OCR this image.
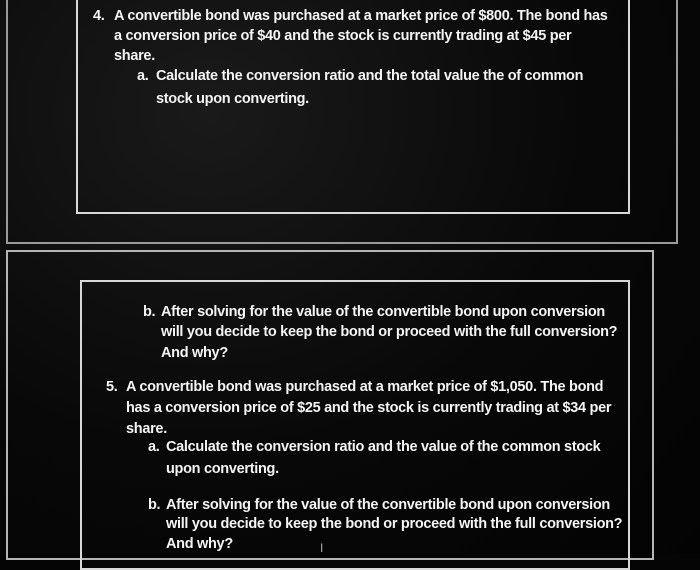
4. A convertible bond was purchased at a market price of $800. The bond has
a conversion price of $40 and the stock is currently trading at $45 per
share.
a. Calculate the conversion ratio and the total value the of common
stock upon converting.
b. After solving for the value of the convertible bond upon conversion
will you decide to keep the bond or proceed with the full conversion?
And why?
5. A convertible bond was purchased at a market price of $1,050. The bond
has a conversion price of $25 and the stock is currently trading at $34 per
share.
a. Calculate the conversion ratio and the value of the common stock
upon converting.
b. After solving for the value of the convertible bond upon conversion
will you decide to keep the bond or proceed with the full conversion?
And why?	I
